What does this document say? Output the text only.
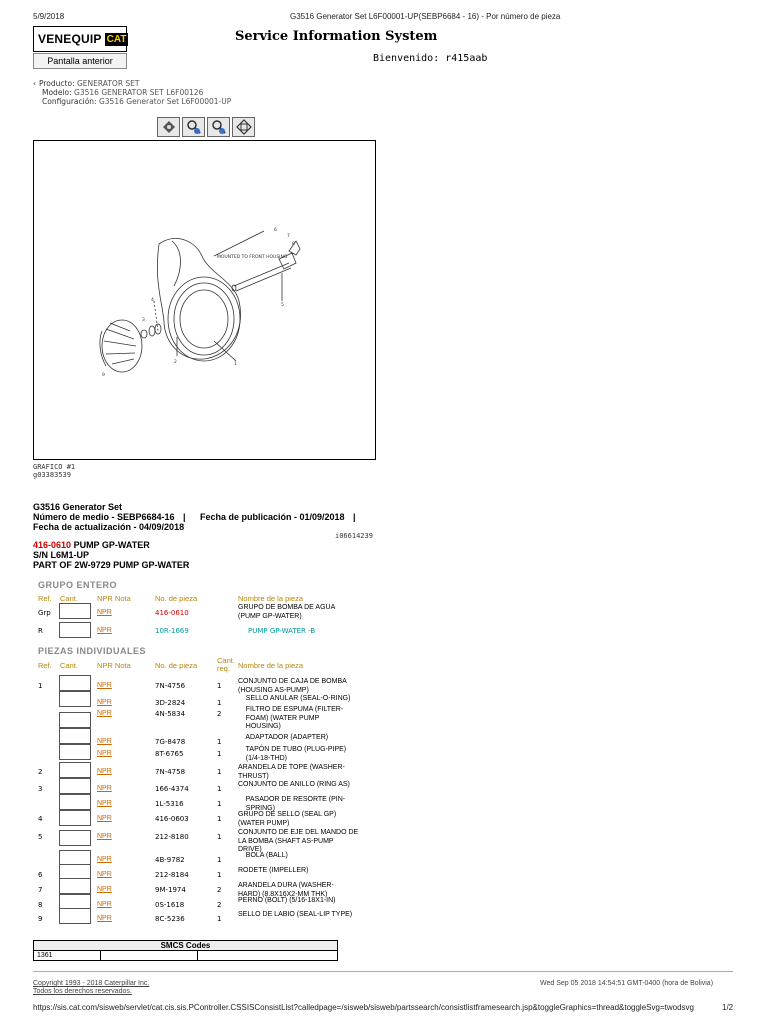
5/9/2018	G3516 Generator Set L6F00001-UP(SEBP6684 - 16) - Por número de pieza
VENEQUIP CAT	Service Information System
Pantalla anterior	Bienvenido: r415aab
‹ Producto: GENERATOR SET
Modelo: G3516 GENERATOR SET L6F00126
Configuración: G3516 Generator Set L6F00001-UP
MOUNTED TO FRONT HOUSING
6
7
8
5
1
2
4
3
9
GRAFICO #1
g03383539
G3516 Generator Set
Número de medio - SEBP6684-16 | Fecha de publicación - 01/09/2018 |
Fecha de actualización - 04/09/2018
i06614239
416-0610 PUMP GP-WATER
S/N L6M1-UP
PART OF 2W-9729 PUMP GP-WATER
GRUPO ENTERO
Ref. Cant.	NPR Nota	No. de pieza	Nombre de la pieza
Grp	NPR	416-0610
GRUPO DE BOMBA DE AGUA
(PUMP GP-WATER)
R	NPR	10R-1669	PUMP GP-WATER -B
PIEZAS INDIVIDUALES
Ref. Cant.	NPR Nota	No. de pieza
Cant. req.	Nombre de la pieza
1	NPR	7N-4756	1
CONJUNTO DE CAJA DE BOMBA
(HOUSING AS-PUMP)
NPR	3D-2824	1
SELLO ANULAR (SEAL-O-RING)
NPR	4N-5834	2
FILTRO DE ESPUMA (FILTER-
FOAM) (WATER PUMP
HOUSING)
NPR	7G-8478	1
ADAPTADOR (ADAPTER)
NPR	8T-6765	1
TAPÓN DE TUBO (PLUG-PIPE)
(1/4-18-THD)
2	NPR	7N-4758	1
ARANDELA DE TOPE (WASHER-
THRUST)
3	NPR	166-4374	1
CONJUNTO DE ANILLO (RING AS)
NPR	1L-5316	1
PASADOR DE RESORTE (PIN-
SPRING)
4	NPR	416-0603	1
GRUPO DE SELLO (SEAL GP)
(WATER PUMP)
5	NPR	212-8180	1
CONJUNTO DE EJE DEL MANDO DE
LA BOMBA (SHAFT AS-PUMP
DRIVE)
NPR	4B-9782	1
BOLA (BALL)
6	NPR	212-8184	1
RODETE (IMPELLER)
7	NPR	9M-1974	2
ARANDELA DURA (WASHER-
HARD) (8.8X16X2-MM THK)
8	NPR	0S-1618	2
PERNO (BOLT) (5/16-18X1-IN)
9	NPR	8C-5236	1
SELLO DE LABIO (SEAL-LIP TYPE)
SMCS Codes
1361		
Copyright 1993 - 2018 Caterpillar Inc.
Todos los derechos reservados.
Wed Sep 05 2018 14:54:51 GMT-0400 (hora de Bolivia)
https://sis.cat.com/sisweb/servlet/cat.cis.sis.PController.CSSISConsistList?calledpage=/sisweb/sisweb/partssearch/consistlistframesearch.jsp&toggleGraphics=thread&toggleSvg=twodsvg	1/2
